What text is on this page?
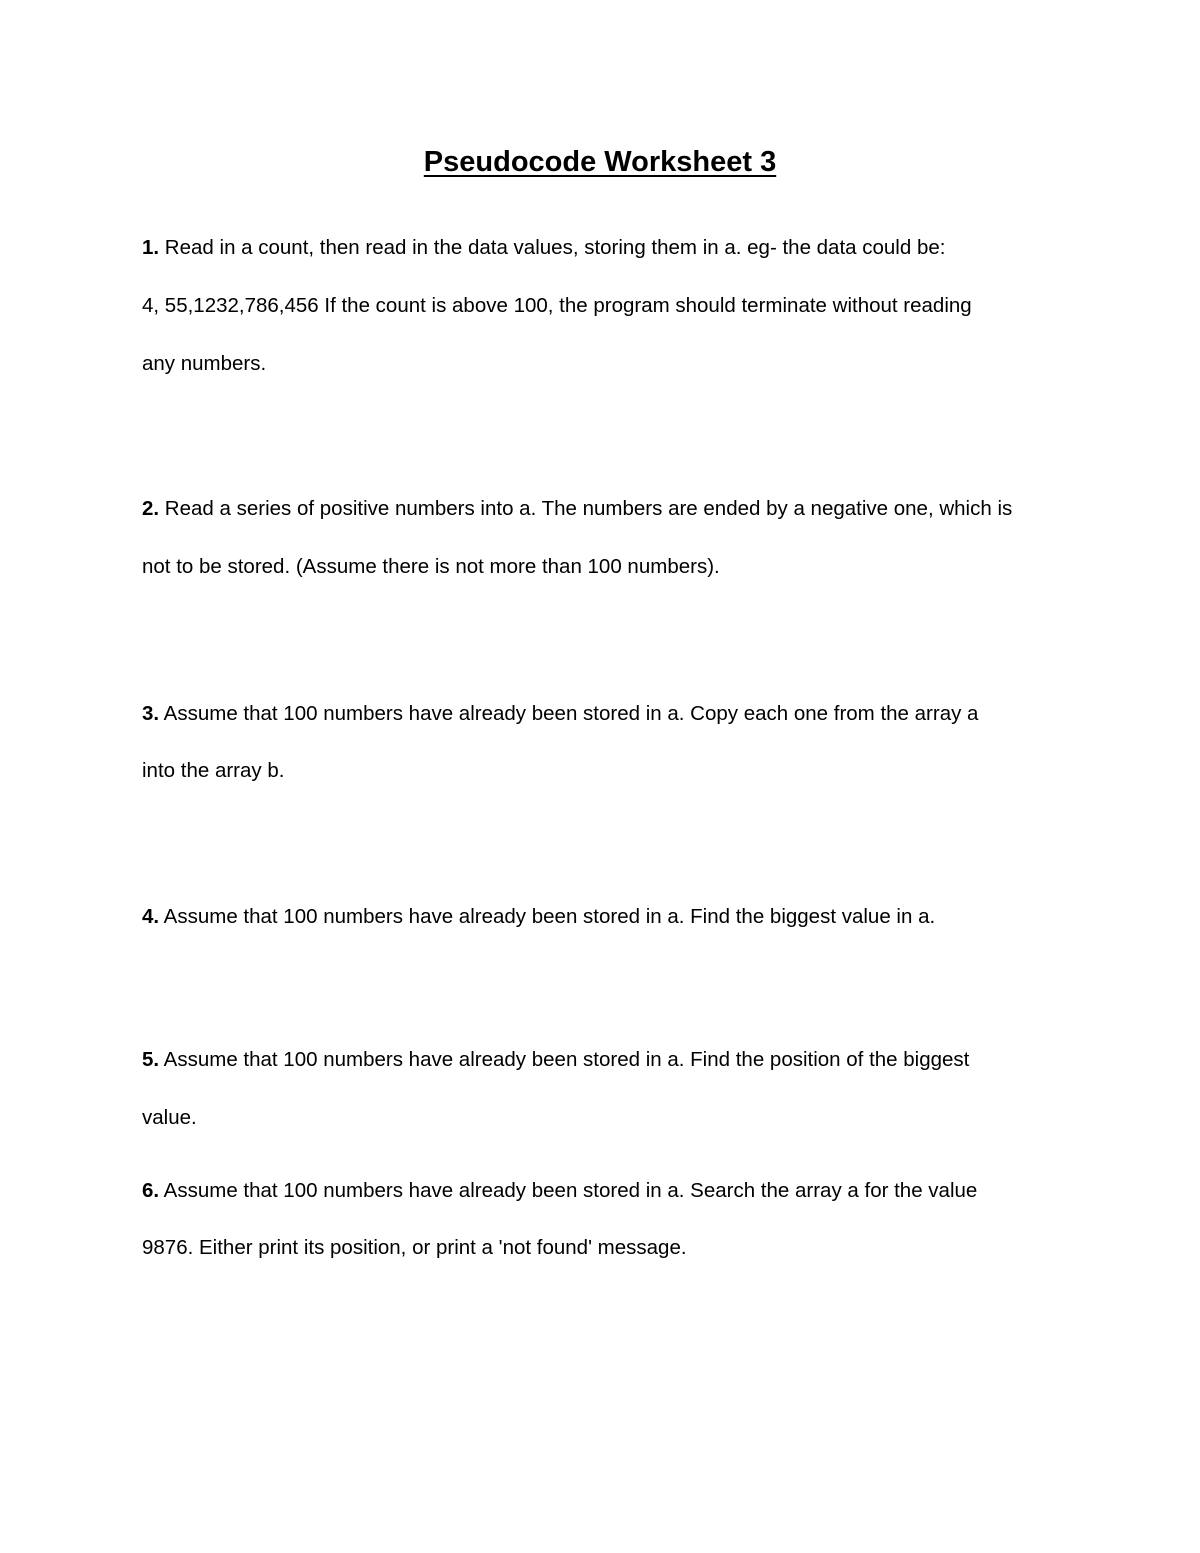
Pseudocode Worksheet 3
1. Read in a count, then read in the data values, storing them in a. eg- the data could be:
4, 55,1232,786,456 If the count is above 100, the program should terminate without reading
any numbers.
2. Read a series of positive numbers into a. The numbers are ended by a negative one, which is
not to be stored. (Assume there is not more than 100 numbers).
3. Assume that 100 numbers have already been stored in a. Copy each one from the array a
into the array b.
4. Assume that 100 numbers have already been stored in a. Find the biggest value in a.
5. Assume that 100 numbers have already been stored in a. Find the position of the biggest
value.
6. Assume that 100 numbers have already been stored in a. Search the array a for the value
9876. Either print its position, or print a 'not found' message.
